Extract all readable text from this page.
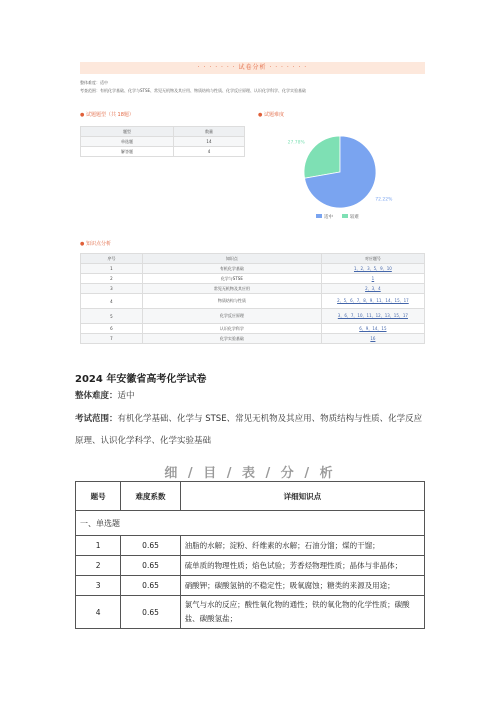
· · · · · · · 试卷分析 · · · · · · ·
整体难度：适中
考查范围：有机化学基础、化学与STSE、常见无机物及其应用、物质结构与性质、化学反应原理、认识化学科学、化学实验基础
● 试题题型（共 18题）
题型	数量
单选题	14
解答题	4
● 试题难度
27.78%
72.22%
适中	较难
● 知识点分析
序号	知识点	对应题号
1	有机化学基础	1，2，3，5，9，10
2	化学与STSE	1
3	常见无机物及其应用	2，3，4
4	物质结构与性质	2，5，6，7，8，9，11，14，15，17
5	化学反应原理	3，6，7，10，11，12，13，15，17
6	认识化学科学	6，9，14，15
7	化学实验基础	16
2024 年安徽省高考化学试卷
整体难度：适中
考试范围：有机化学基础、化学与 STSE、常见无机物及其应用、物质结构与性质、化学反应原理、认识化学科学、化学实验基础
细 / 目 / 表 / 分 / 析
题号	难度系数	详细知识点
一、单选题		
1	0.65	油脂的水解；淀粉、纤维素的水解；石油分馏；煤的干馏；
2	0.65	硫单质的物理性质；焰色试验；芳香烃物理性质；晶体与非晶体；
3	0.65	硝酸钾；碳酸氢钠的不稳定性；吸氧腐蚀；糖类的来源及用途；
4	0.65	氯气与水的反应；酸性氧化物的通性；铁的氧化物的化学性质；碳酸盐、碳酸氢盐；
